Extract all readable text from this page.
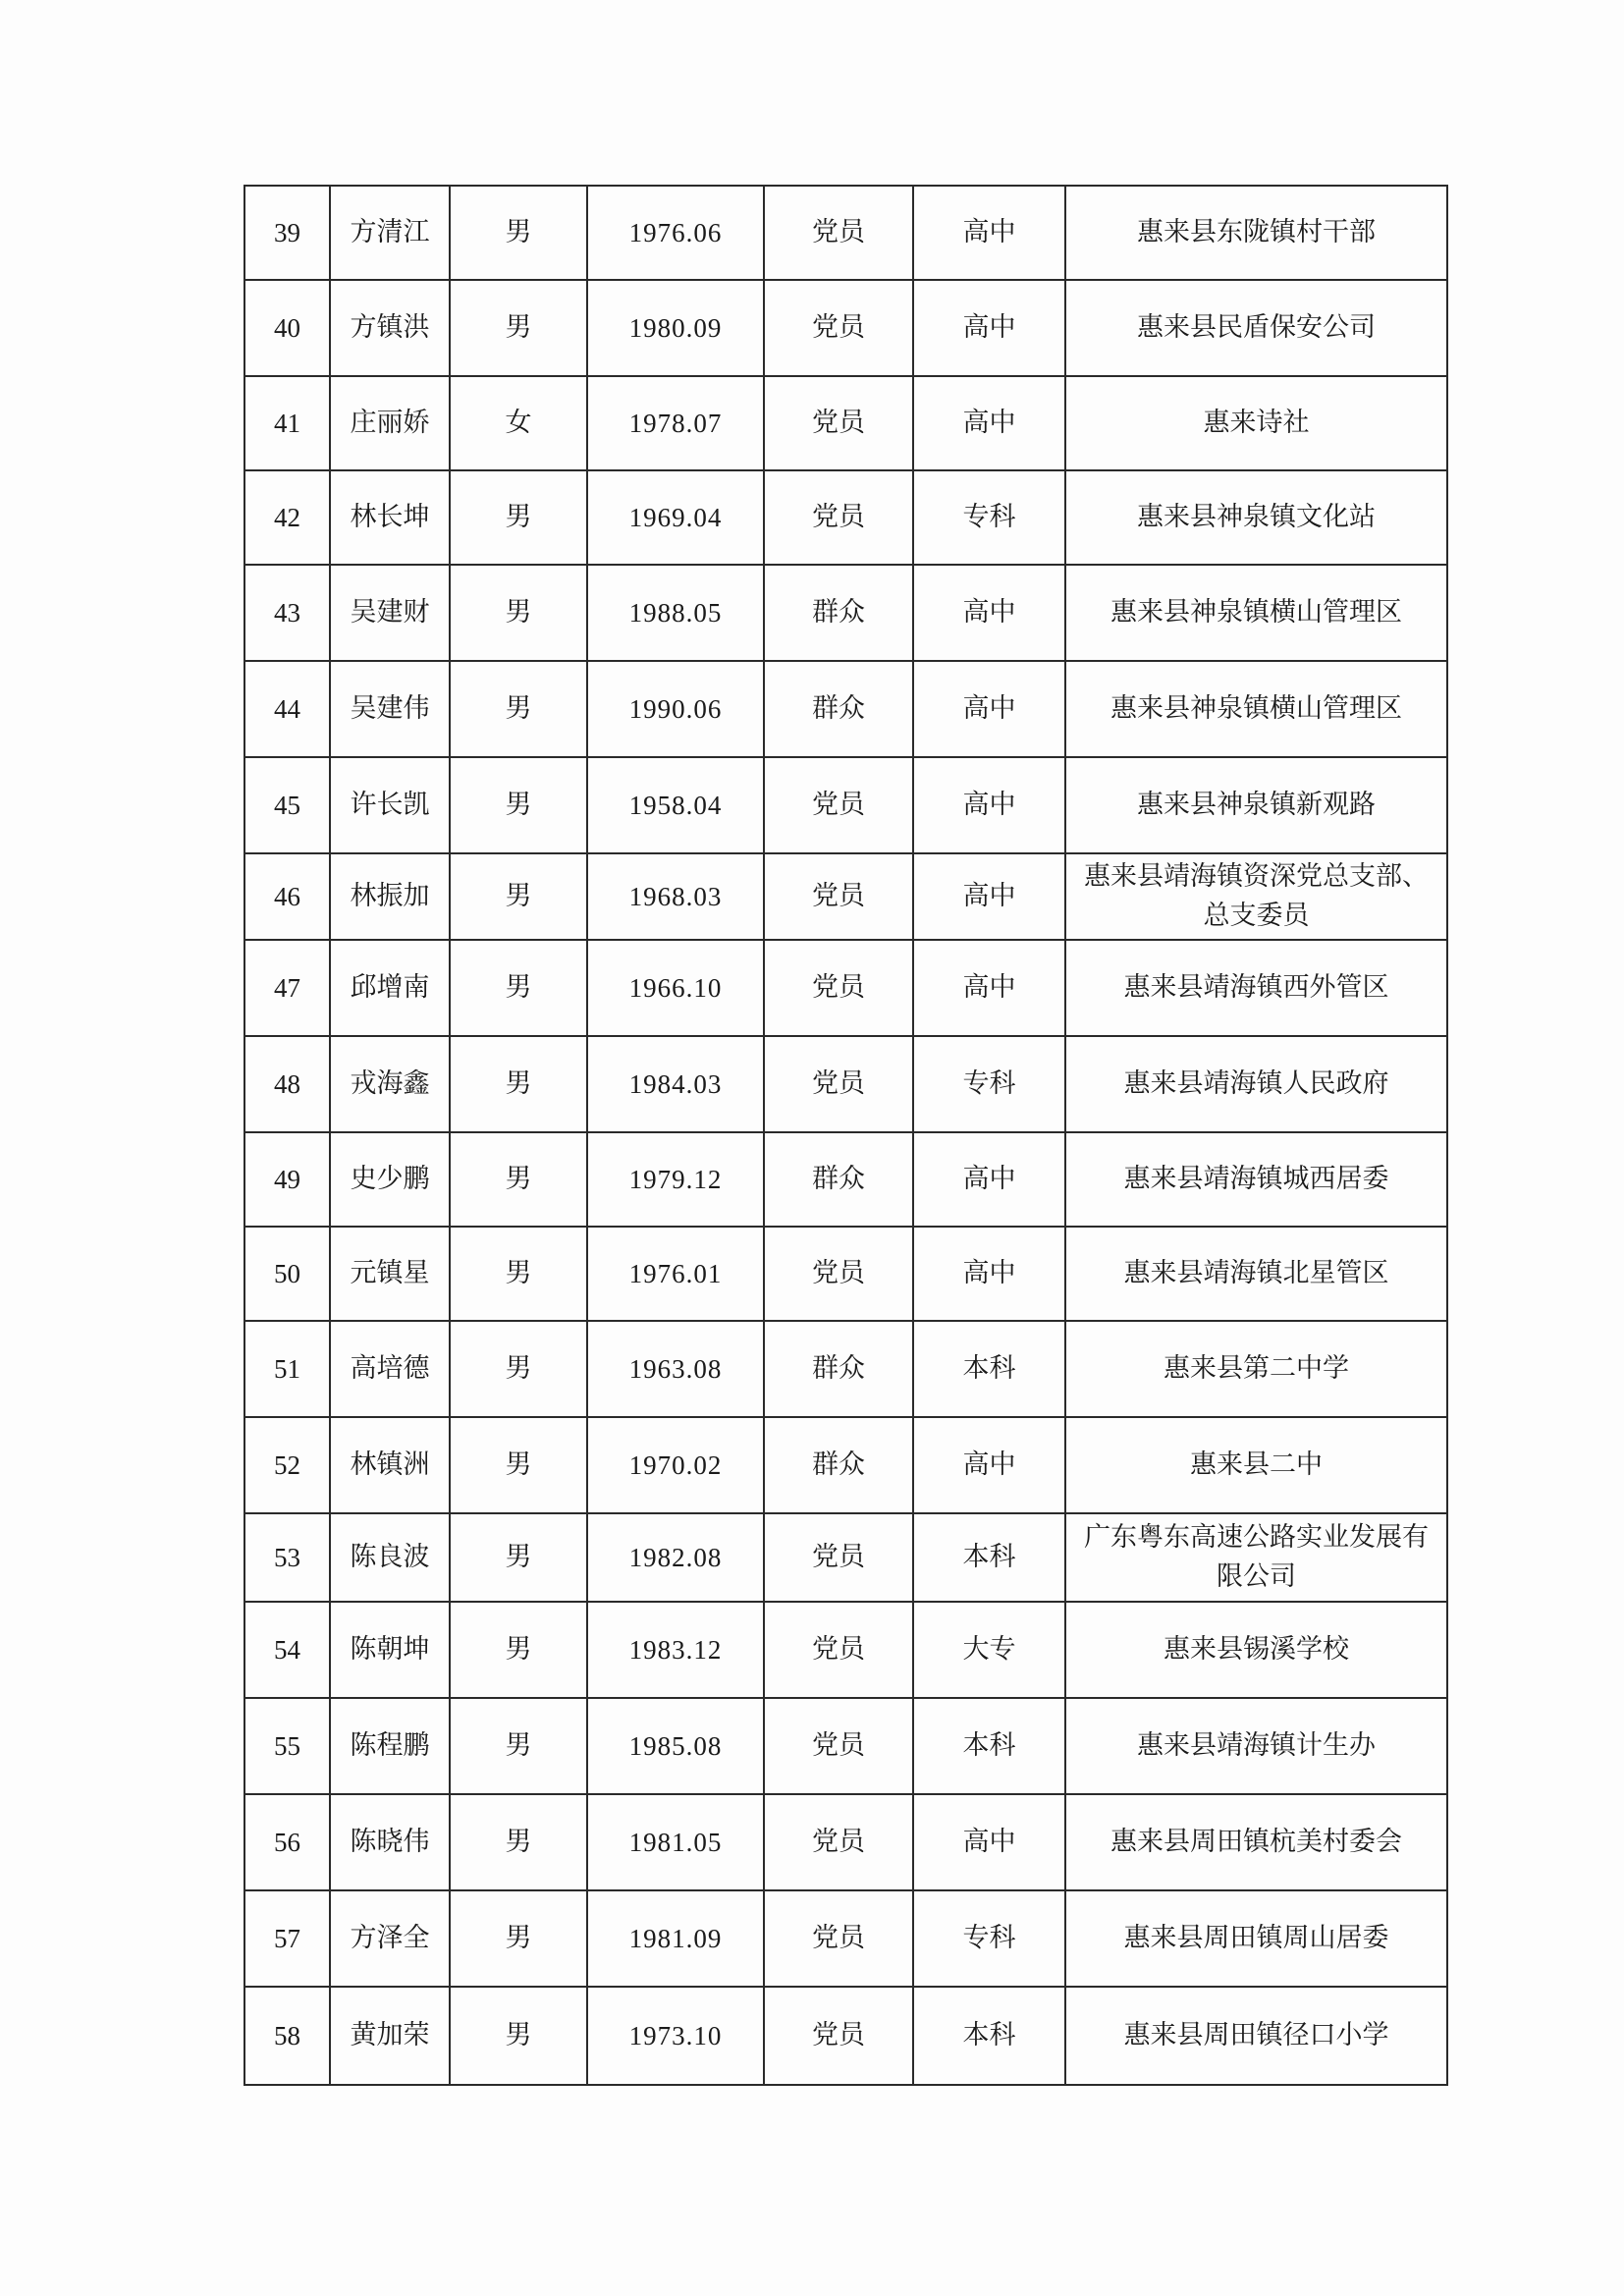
39	方清江	男	1976.06	党员	高中	惠来县东陇镇村干部
40	方镇洪	男	1980.09	党员	高中	惠来县民盾保安公司
41	庄丽娇	女	1978.07	党员	高中	惠来诗社
42	林长坤	男	1969.04	党员	专科	惠来县神泉镇文化站
43	吴建财	男	1988.05	群众	高中	惠来县神泉镇横山管理区
44	吴建伟	男	1990.06	群众	高中	惠来县神泉镇横山管理区
45	许长凯	男	1958.04	党员	高中	惠来县神泉镇新观路
46	林振加	男	1968.03	党员	高中	惠来县靖海镇资深党总支部、总支委员
47	邱增南	男	1966.10	党员	高中	惠来县靖海镇西外管区
48	戎海鑫	男	1984.03	党员	专科	惠来县靖海镇人民政府
49	史少鹏	男	1979.12	群众	高中	惠来县靖海镇城西居委
50	元镇星	男	1976.01	党员	高中	惠来县靖海镇北星管区
51	高培德	男	1963.08	群众	本科	惠来县第二中学
52	林镇洲	男	1970.02	群众	高中	惠来县二中
53	陈良波	男	1982.08	党员	本科	广东粤东高速公路实业发展有限公司
54	陈朝坤	男	1983.12	党员	大专	惠来县锡溪学校
55	陈程鹏	男	1985.08	党员	本科	惠来县靖海镇计生办
56	陈晓伟	男	1981.05	党员	高中	惠来县周田镇杭美村委会
57	方泽全	男	1981.09	党员	专科	惠来县周田镇周山居委
58	黄加荣	男	1973.10	党员	本科	惠来县周田镇径口小学
